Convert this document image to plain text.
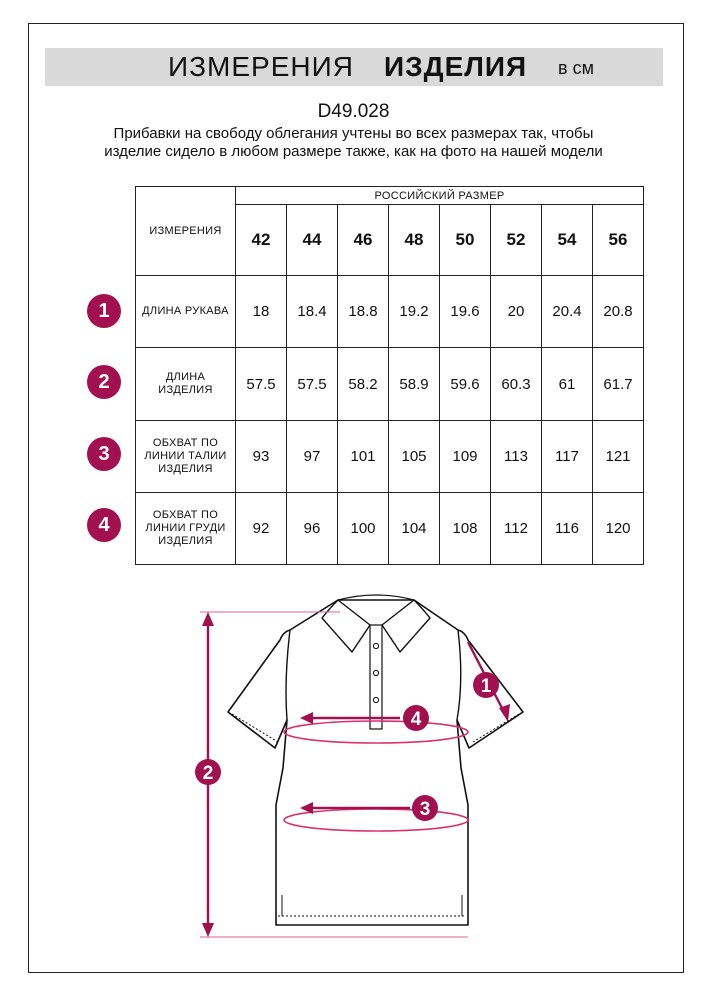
ИЗМЕРЕНИЯ ИЗДЕЛИЯ в см
D49.028
Прибавки на свободу облегания учтены во всех размерах так, чтобы изделие сидело в любом размере также, как на фото на нашей модели
ИЗМЕРЕНИЯ	РОССИЙСКИЙ РАЗМЕР							
	42	44	46	48	50	52	54	56

ДЛИНА РУКАВА	18	18.4	18.8	19.2	19.6	20	20.4	20.8

ДЛИНА
ИЗДЕЛИЯ	57.5	57.5	58.2	58.9	59.6	60.3	61	61.7

ОБХВАТ ПО
ЛИНИИ ТАЛИИ
ИЗДЕЛИЯ	93	97	101	105	109	113	117	121

ОБХВАТ ПО
ЛИНИИ ГРУДИ
ИЗДЕЛИЯ	92	96	100	104	108	112	116	120
1
2
3
4
1
2
3
4
